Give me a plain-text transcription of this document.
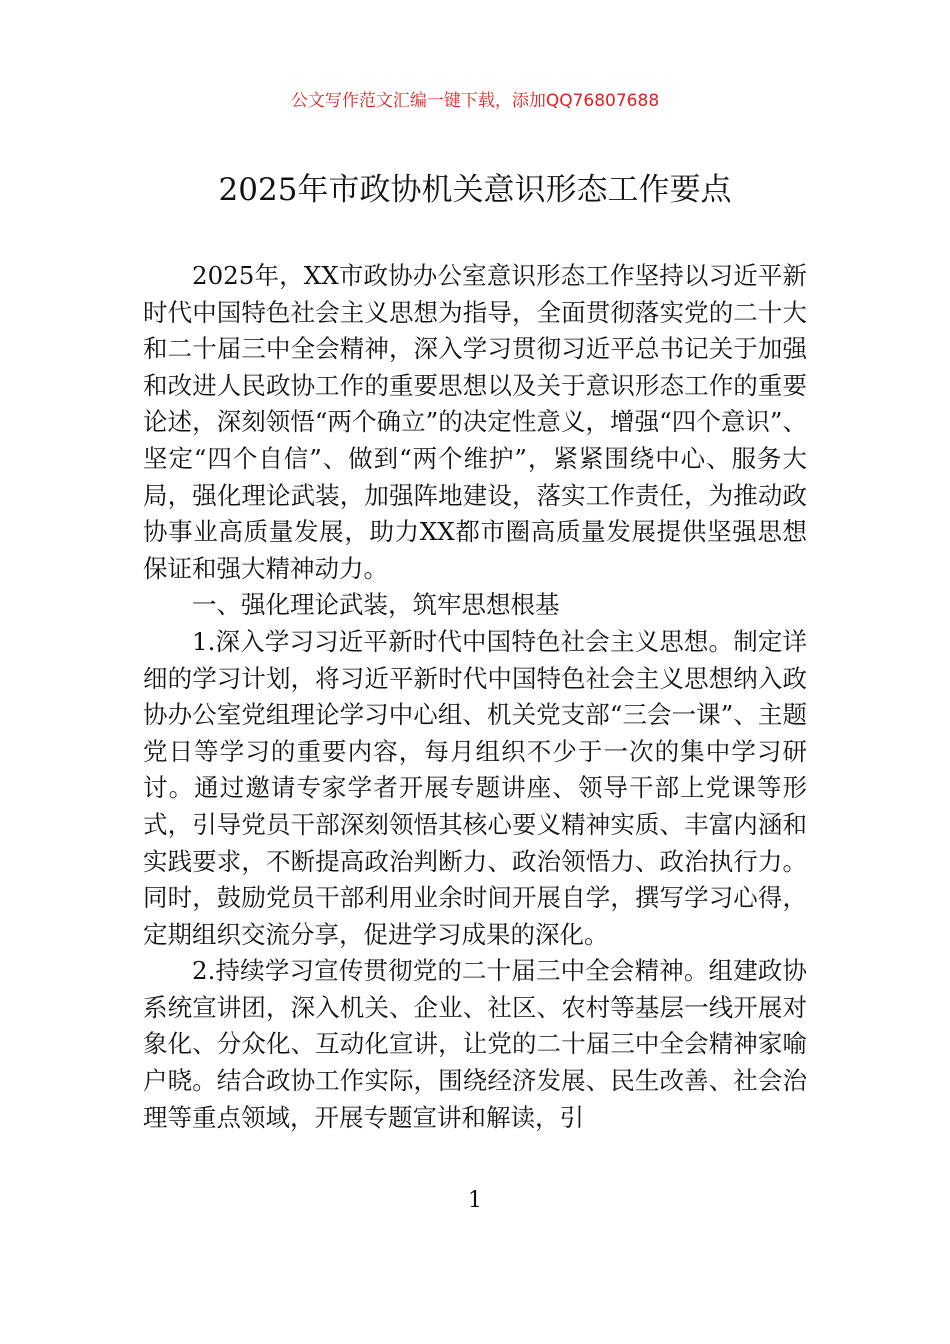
公文写作范文汇编一键下载，添加QQ76807688

2025年市政协机关意识形态工作要点

2025年，XX市政协办公室意识形态工作坚持以习近平新时代中国特色社会主义思想为指导，全面贯彻落实党的二十大和二十届三中全会精神，深入学习贯彻习近平总书记关于加强和改进人民政协工作的重要思想以及关于意识形态工作的重要论述，深刻领悟“两个确立”的决定性意义，增强“四个意识”、坚定“四个自信”、做到“两个维护”，紧紧围绕中心、服务大局，强化理论武装，加强阵地建设，落实工作责任，为推动政协事业高质量发展，助力XX都市圈高质量发展提供坚强思想保证和强大精神动力。

一、强化理论武装，筑牢思想根基

1.深入学习习近平新时代中国特色社会主义思想。制定详细的学习计划，将习近平新时代中国特色社会主义思想纳入政协办公室党组理论学习中心组、机关党支部“三会一课”、主题党日等学习的重要内容，每月组织不少于一次的集中学习研讨。通过邀请专家学者开展专题讲座、领导干部上党课等形式，引导党员干部深刻领悟其核心要义精神实质、丰富内涵和实践要求，不断提高政治判断力、政治领悟力、政治执行力。同时，鼓励党员干部利用业余时间开展自学，撰写学习心得，定期组织交流分享，促进学习成果的深化。

2.持续学习宣传贯彻党的二十届三中全会精神。组建政协系统宣讲团，深入机关、企业、社区、农村等基层一线开展对象化、分众化、互动化宣讲，让党的二十届三中全会精神家喻户晓。结合政协工作实际，围绕经济发展、民生改善、社会治理等重点领域，开展专题宣讲和解读，引

1
